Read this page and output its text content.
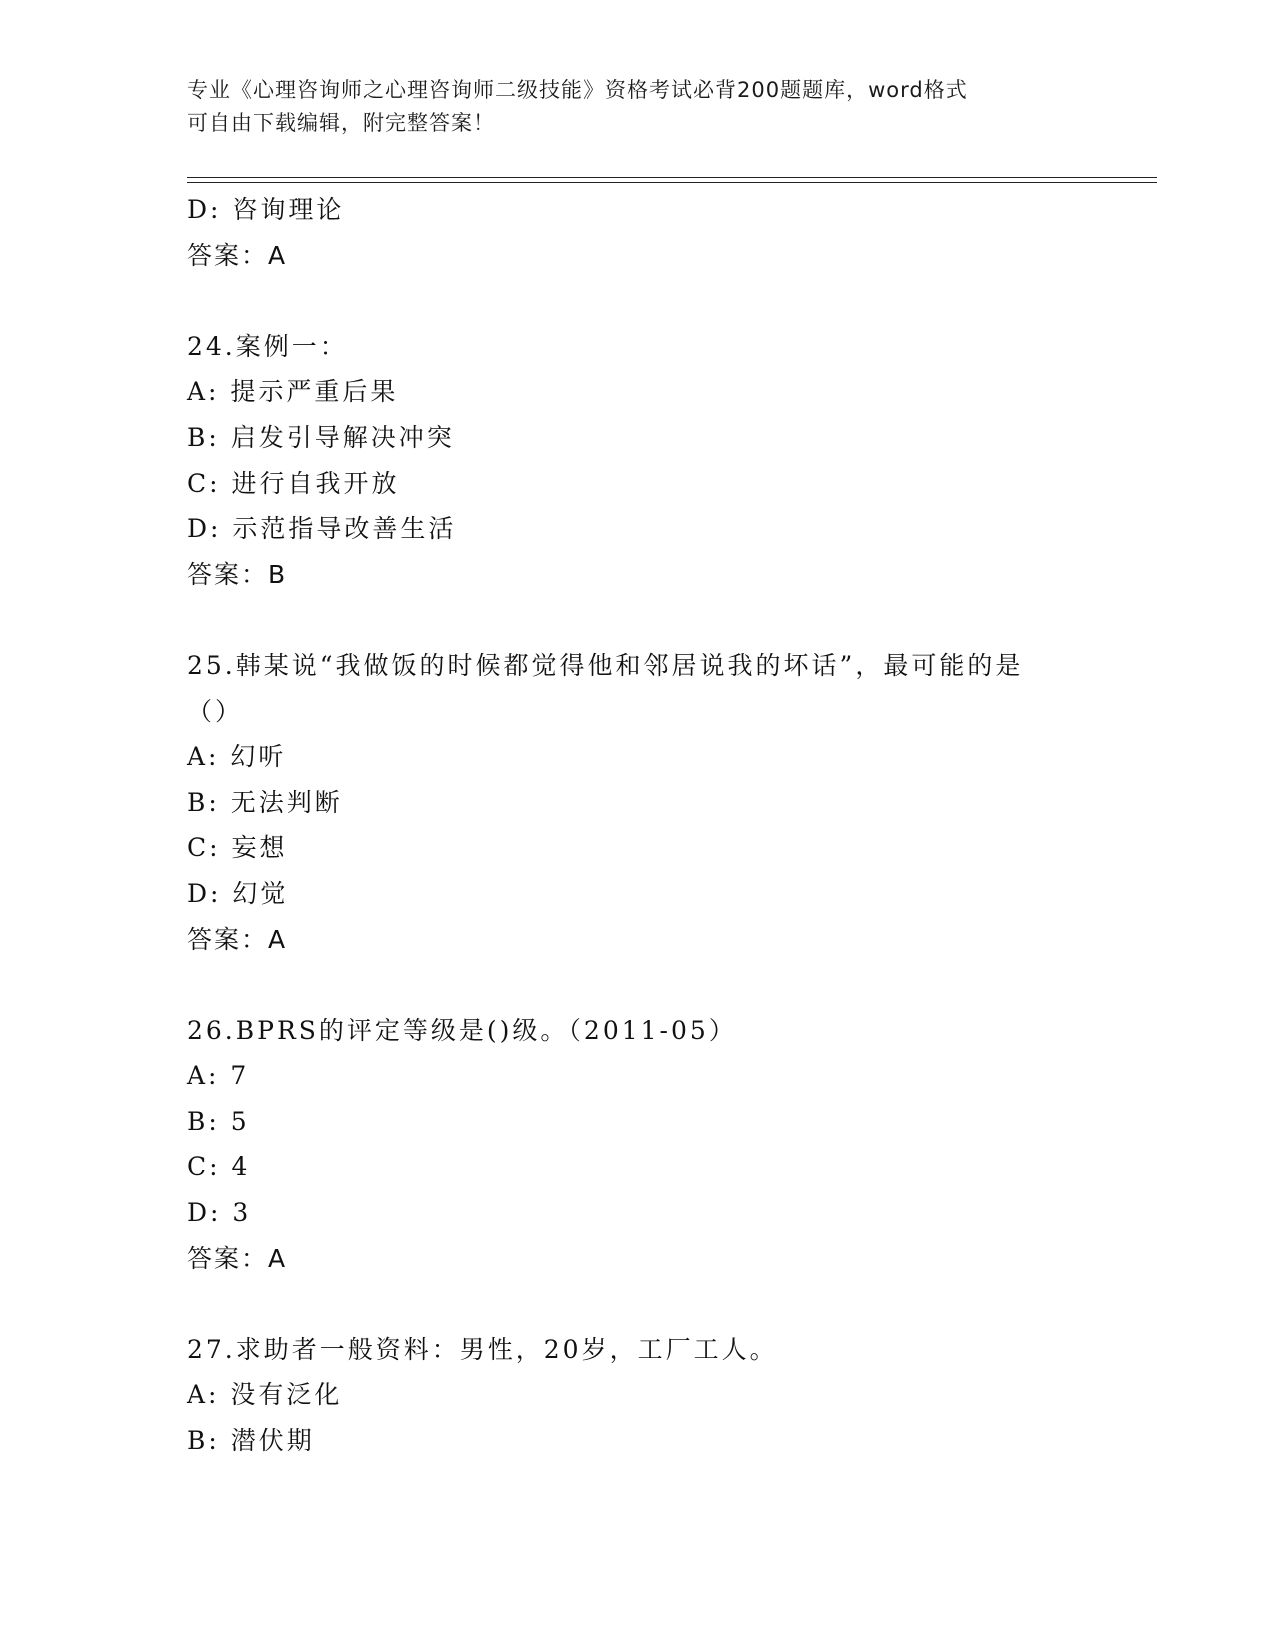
专业《心理咨询师之心理咨询师二级技能》资格考试必背200题题库，word格式
可自由下载编辑，附完整答案！
D: 咨询理论
答案：A
24.案例一：
A: 提示严重后果
B: 启发引导解决冲突
C: 进行自我开放
D: 示范指导改善生活
答案：B
25.韩某说“我做饭的时候都觉得他和邻居说我的坏话”，最可能的是
（）
A: 幻听
B: 无法判断
C: 妄想
D: 幻觉
答案：A
26.BPRS的评定等级是()级。（2011-05）
A: 7
B: 5
C: 4
D: 3
答案：A
27.求助者一般资料：男性，20岁，工厂工人。
A: 没有泛化
B: 潜伏期
